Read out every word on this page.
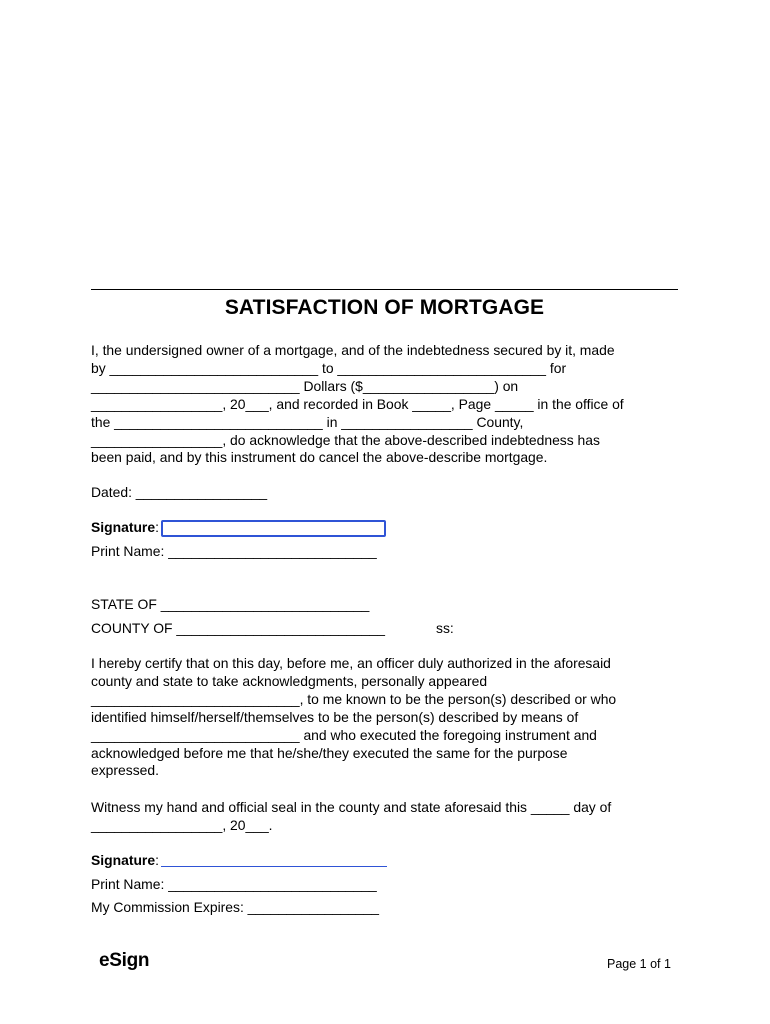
SATISFACTION OF MORTGAGE
I, the undersigned owner of a mortgage, and of the indebtedness secured by it, made
by ___________________________ to ___________________________ for
___________________________ Dollars ($_________________) on
_________________, 20___, and recorded in Book _____, Page _____ in the office of
the ___________________________ in _________________ County,
_________________, do acknowledge that the above-described indebtedness has
been paid, and by this instrument do cancel the above-describe mortgage.
Dated: _________________
Signature:
Print Name: ___________________________
STATE OF ___________________________
COUNTY OF ___________________________	ss:
I hereby certify that on this day, before me, an officer duly authorized in the aforesaid
county and state to take acknowledgments, personally appeared
___________________________, to me known to be the person(s) described or who
identified himself/herself/themselves to be the person(s) described by means of
___________________________ and who executed the foregoing instrument and
acknowledged before me that he/she/they executed the same for the purpose
expressed.
Witness my hand and official seal in the county and state aforesaid this _____ day of
_________________, 20___.
Signature:
Print Name: ___________________________
My Commission Expires: _________________
eSign	Page 1 of 1
